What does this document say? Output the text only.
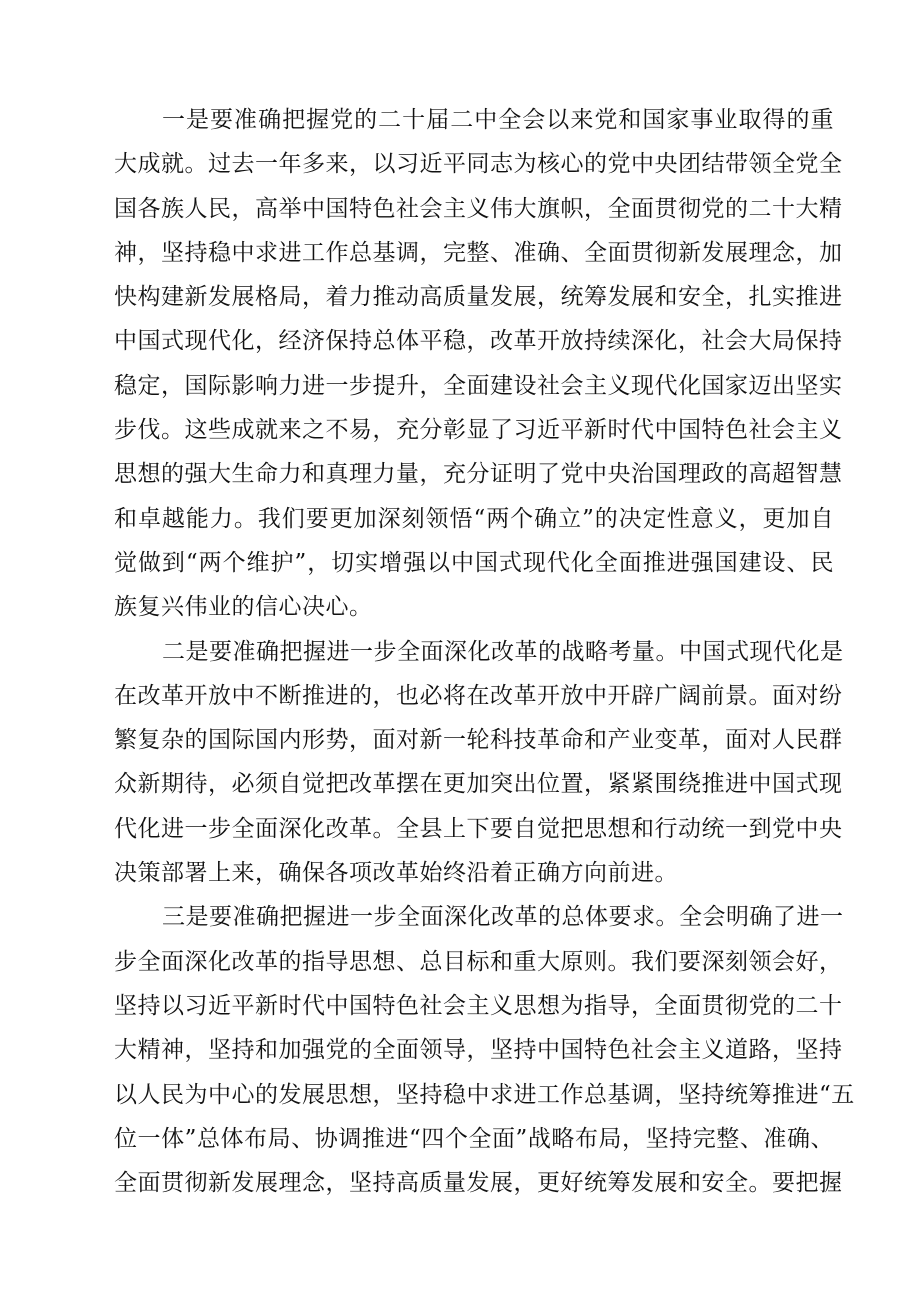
一是要准确把握党的二十届二中全会以来党和国家事业取得的重
大成就。过去一年多来，以习近平同志为核心的党中央团结带领全党全
国各族人民，高举中国特色社会主义伟大旗帜，全面贯彻党的二十大精
神，坚持稳中求进工作总基调，完整、准确、全面贯彻新发展理念，加
快构建新发展格局，着力推动高质量发展，统筹发展和安全，扎实推进
中国式现代化，经济保持总体平稳，改革开放持续深化，社会大局保持
稳定，国际影响力进一步提升，全面建设社会主义现代化国家迈出坚实
步伐。这些成就来之不易，充分彰显了习近平新时代中国特色社会主义
思想的强大生命力和真理力量，充分证明了党中央治国理政的高超智慧
和卓越能力。我们要更加深刻领悟“两个确立”的决定性意义，更加自
觉做到“两个维护”，切实增强以中国式现代化全面推进强国建设、民
族复兴伟业的信心决心。
二是要准确把握进一步全面深化改革的战略考量。中国式现代化是
在改革开放中不断推进的，也必将在改革开放中开辟广阔前景。面对纷
繁复杂的国际国内形势，面对新一轮科技革命和产业变革，面对人民群
众新期待，必须自觉把改革摆在更加突出位置，紧紧围绕推进中国式现
代化进一步全面深化改革。全县上下要自觉把思想和行动统一到党中央
决策部署上来，确保各项改革始终沿着正确方向前进。
三是要准确把握进一步全面深化改革的总体要求。全会明确了进一
步全面深化改革的指导思想、总目标和重大原则。我们要深刻领会好，
坚持以习近平新时代中国特色社会主义思想为指导，全面贯彻党的二十
大精神，坚持和加强党的全面领导，坚持中国特色社会主义道路，坚持
以人民为中心的发展思想，坚持稳中求进工作总基调，坚持统筹推进“五
位一体”总体布局、协调推进“四个全面”战略布局，坚持完整、准确、
全面贯彻新发展理念，坚持高质量发展，更好统筹发展和安全。要把握
